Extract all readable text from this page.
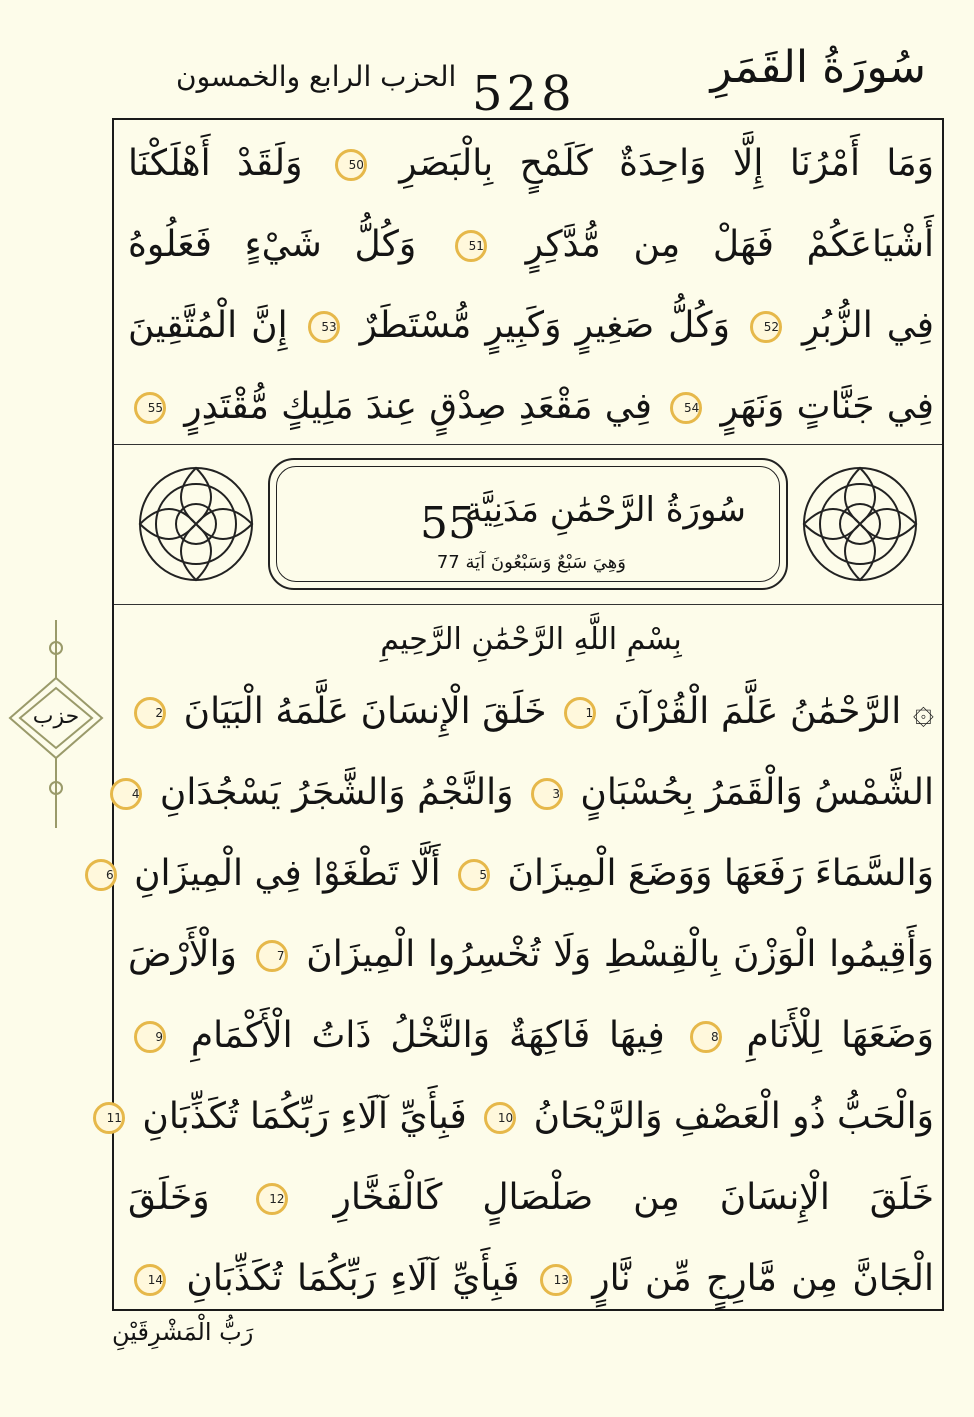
سُورَةُ القَمَرِ
528
الحزب الرابع والخمسون
وَمَا أَمْرُنَا إِلَّا وَاحِدَةٌ كَلَمْحٍ بِالْبَصَرِ 50 وَلَقَدْ أَهْلَكْنَا
أَشْيَاعَكُمْ فَهَلْ مِن مُّدَّكِرٍ 51 وَكُلُّ شَيْءٍ فَعَلُوهُ
فِي الزُّبُرِ 52 وَكُلُّ صَغِيرٍ وَكَبِيرٍ مُّسْتَطَرٌ 53 إِنَّ الْمُتَّقِينَ
فِي جَنَّاتٍ وَنَهَرٍ 54 فِي مَقْعَدِ صِدْقٍ عِندَ مَلِيكٍ مُّقْتَدِرٍ 55
سُورَةُ الرَّحْمَٰنِ مَدَنِيَّة
55
وَهِيَ سَبْعٌ وَسَبْعُونَ آيَة 77
بِسْمِ اللَّهِ الرَّحْمَٰنِ الرَّحِيمِ
۞ الرَّحْمَٰنُ عَلَّمَ الْقُرْآنَ 1 خَلَقَ الْإِنسَانَ عَلَّمَهُ الْبَيَانَ 2
الشَّمْسُ وَالْقَمَرُ بِحُسْبَانٍ 3 وَالنَّجْمُ وَالشَّجَرُ يَسْجُدَانِ 4
وَالسَّمَاءَ رَفَعَهَا وَوَضَعَ الْمِيزَانَ 5 أَلَّا تَطْغَوْا فِي الْمِيزَانِ 6
وَأَقِيمُوا الْوَزْنَ بِالْقِسْطِ وَلَا تُخْسِرُوا الْمِيزَانَ 7 وَالْأَرْضَ
وَضَعَهَا لِلْأَنَامِ 8 فِيهَا فَاكِهَةٌ وَالنَّخْلُ ذَاتُ الْأَكْمَامِ 9
وَالْحَبُّ ذُو الْعَصْفِ وَالرَّيْحَانُ 10 فَبِأَيِّ آلَاءِ رَبِّكُمَا تُكَذِّبَانِ 11
خَلَقَ الْإِنسَانَ مِن صَلْصَالٍ كَالْفَخَّارِ 12 وَخَلَقَ
الْجَانَّ مِن مَّارِجٍ مِّن نَّارٍ 13 فَبِأَيِّ آلَاءِ رَبِّكُمَا تُكَذِّبَانِ 14
حزب
رَبُّ الْمَشْرِقَيْنِ
